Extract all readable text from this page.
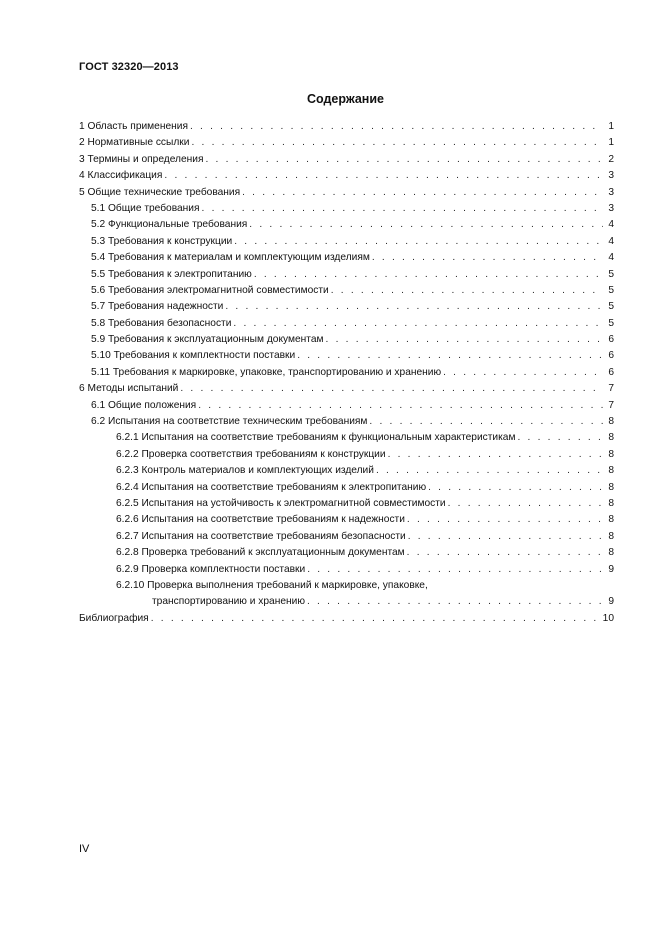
ГОСТ 32320—2013
Содержание
1 Область применения . . .	1
2 Нормативные ссылки . . .	1
3 Термины и определения . . .	2
4 Классификация . . .	3
5 Общие технические требования . . .	3
5.1 Общие требования . . .	3
5.2 Функциональные требования . . .	4
5.3 Требования к конструкции . . .	4
5.4 Требования к материалам и комплектующим изделиям . . .	4
5.5 Требования к электропитанию . . .	5
5.6 Требования электромагнитной совместимости . . .	5
5.7 Требования надежности . . .	5
5.8 Требования безопасности . . .	5
5.9 Требования к эксплуатационным документам . . .	6
5.10 Требования к комплектности поставки . . .	6
5.11 Требования к маркировке, упаковке, транспортированию и хранению . . .	6
6 Методы испытаний . . .	7
6.1 Общие положения . . .	7
6.2 Испытания на соответствие техническим требованиям . . .	8
6.2.1 Испытания на соответствие требованиям к функциональным характеристикам . . .	8
6.2.2 Проверка соответствия требованиям к конструкции . . .	8
6.2.3 Контроль материалов и комплектующих изделий . . .	8
6.2.4 Испытания на соответствие требованиям к электропитанию . . .	8
6.2.5 Испытания на устойчивость к электромагнитной совместимости . . .	8
6.2.6 Испытания на соответствие требованиям к надежности . . .	8
6.2.7 Испытания на соответствие требованиям безопасности . . .	8
6.2.8 Проверка требований к эксплуатационным документам . . .	8
6.2.9 Проверка комплектности поставки . . .	9
6.2.10 Проверка выполнения требований к маркировке, упаковке,
транспортированию и хранению . . .	9
Библиография . . .	10
IV
